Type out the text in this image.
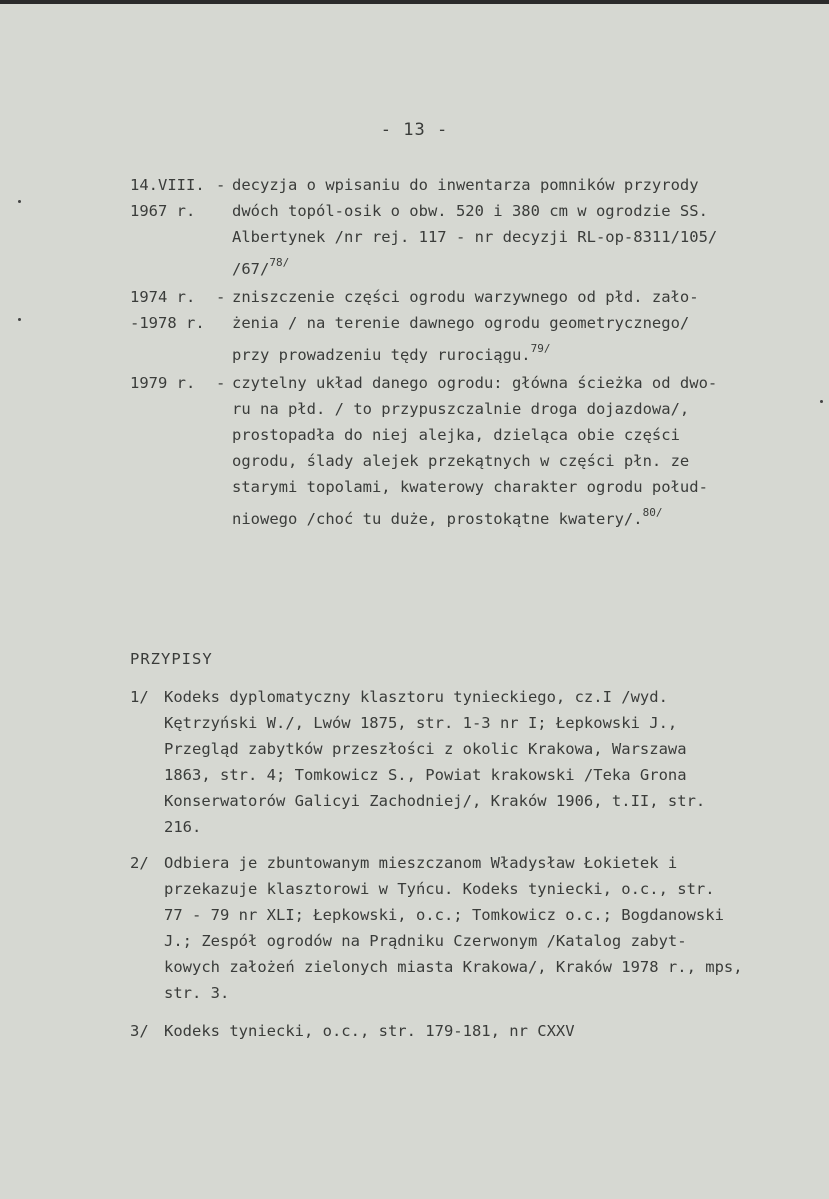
- 13 -
14.VIII.
1967 r.
- decyzja o wpisaniu do inwentarza pomników przyrody
dwóch topól-osik o obw. 520 i 380 cm w ogrodzie SS.
Albertynek /nr rej. 117 - nr decyzji RL-op-8311/105/
/67/$^{78/}$
1974 r.
-1978 r.
- zniszczenie części ogrodu warzywnego od płd. zało-
żenia / na terenie dawnego ogrodu geometrycznego/
przy prowadzeniu tędy rurociągu.$^{79/}$
1979 r.	- czytelny układ danego ogrodu: główna ścieżka od dwo-
ru na płd. / to przypuszczalnie droga dojazdowa/,
prostopadła do niej alejka, dzieląca obie części
ogrodu, ślady alejek przekątnych w części płn. ze
starymi topolami, kwaterowy charakter ogrodu połud-
niowego /choć tu duże, prostokątne kwatery/.$^{80/}$
PRZYPISY
1/ Kodeks dyplomatyczny klasztoru tynieckiego, cz.I /wyd.
Kętrzyński W./, Lwów 1875, str. 1-3 nr I; Łepkowski J.,
Przegląd zabytków przeszłości z okolic Krakowa, Warszawa
1863, str. 4; Tomkowicz S., Powiat krakowski /Teka Grona
Konserwatorów Galicyi Zachodniej/, Kraków 1906, t.II, str.
216.
2/ Odbiera je zbuntowanym mieszczanom Władysław Łokietek i
przekazuje klasztorowi w Tyńcu. Kodeks tyniecki, o.c., str.
77 - 79 nr XLI; Łepkowski, o.c.; Tomkowicz o.c.; Bogdanowski
J.; Zespół ogrodów na Prądniku Czerwonym /Katalog zabyt-
kowych założeń zielonych miasta Krakowa/, Kraków 1978 r., mps,
str. 3.
3/ Kodeks tyniecki, o.c., str. 179-181, nr CXXV
